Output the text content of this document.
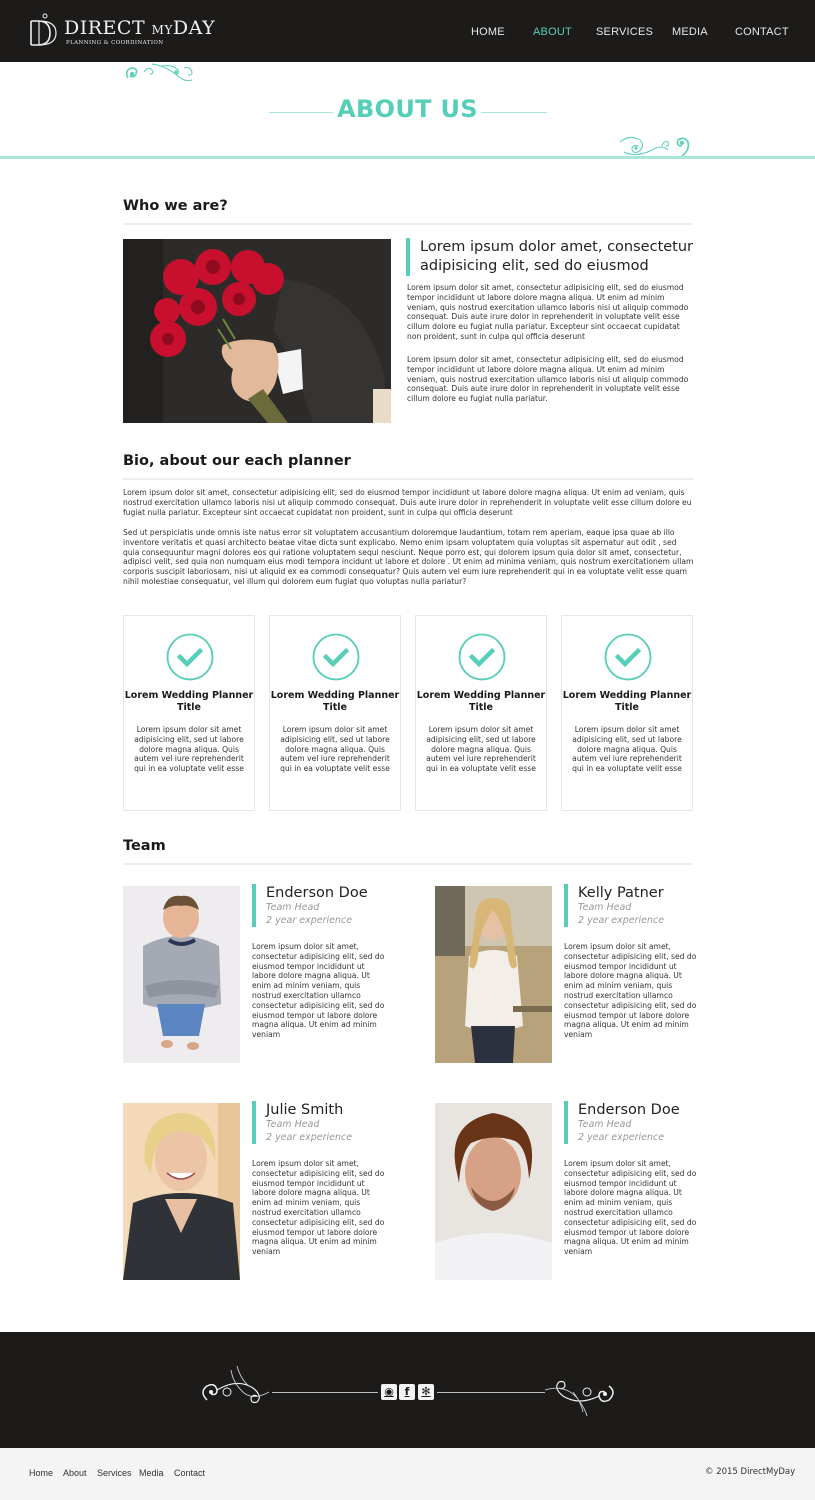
DIRECT MYDAY
PLANNING & COORDINATION
HOME	ABOUT SERVICES MEDIA CONTACT
ABOUT US
Who we are?
Lorem ipsum dolor amet, consectetur adipisicing elit, sed do eiusmod

Lorem ipsum dolor sit amet, consectetur adipisicing elit, sed do eiusmod tempor incididunt ut labore dolore magna aliqua. Ut enim ad minim veniam, quis nostrud exercitation ullamco laboris nisi ut aliquip commodo consequat. Duis aute irure dolor in reprehenderit in voluptate velit esse cillum dolore eu fugiat nulla pariatur. Excepteur sint occaecat cupidatat non proident, sunt in culpa qui officia deserunt

Lorem ipsum dolor sit amet, consectetur adipisicing elit, sed do eiusmod tempor incididunt ut labore dolore magna aliqua. Ut enim ad minim veniam, quis nostrud exercitation ullamco laboris nisi ut aliquip commodo consequat. Duis aute irure dolor in reprehenderit in voluptate velit esse cillum dolore eu fugiat nulla pariatur.

Bio, about our each planner

Lorem ipsum dolor sit amet, consectetur adipisicing elit, sed do eiusmod tempor incididunt ut labore dolore magna aliqua. Ut enim ad veniam, quis nostrud exercitation ullamco laboris nisi ut aliquip commodo consequat. Duis aute irure dolor in reprehenderit in voluptate velit esse cillum dolore eu fugiat nulla pariatur. Excepteur sint occaecat cupidatat non proident, sunt in culpa qui officia deserunt

Sed ut perspiciatis unde omnis iste natus error sit voluptatem accusantium doloremque laudantium, totam rem aperiam, eaque ipsa quae ab illo inventore veritatis et quasi architecto beatae vitae dicta sunt explicabo. Nemo enim ipsam voluptatem quia voluptas sit aspernatur aut odit , sed quia consequuntur magni dolores eos qui ratione voluptatem sequi nesciunt. Neque porro est, qui dolorem ipsum quia dolor sit amet, consectetur, adipisci velit, sed quia non numquam eius modi tempora incidunt ut labore et dolore . Ut enim ad minima veniam, quis nostrum exercitationem ullam corporis suscipit laboriosam, nisi ut aliquid ex ea commodi consequatur? Quis autem vel eum iure reprehenderit qui in ea voluptate velit esse quam nihil molestiae consequatur, vel illum qui dolorem eum fugiat quo voluptas nulla pariatur?

Lorem Wedding Planner Title
Lorem ipsum dolor sit amet adipisicing elit, sed ut labore dolore magna aliqua. Quis autem vel iure reprehenderit qui in ea voluptate velit esse
Lorem Wedding Planner Title
Lorem ipsum dolor sit amet adipisicing elit, sed ut labore dolore magna aliqua. Quis autem vel iure reprehenderit qui in ea voluptate velit esse
Lorem Wedding Planner Title
Lorem ipsum dolor sit amet adipisicing elit, sed ut labore dolore magna aliqua. Quis autem vel iure reprehenderit qui in ea voluptate velit esse
Lorem Wedding Planner Title
Lorem ipsum dolor sit amet adipisicing elit, sed ut labore dolore magna aliqua. Quis autem vel iure reprehenderit qui in ea voluptate velit esse
Team
Enderson Doe
Team Head
2 year experience

Lorem ipsum dolor sit amet, consectetur adipisicing elit, sed do eiusmod tempor incididunt ut labore dolore magna aliqua. Ut enim ad minim veniam, quis nostrud exercitation ullamco consectetur adipisicing elit, sed do eiusmod tempor ut labore dolore magna aliqua. Ut enim ad minim veniam

Kelly Patner
Team Head
2 year experience

Lorem ipsum dolor sit amet, consectetur adipisicing elit, sed do eiusmod tempor incididunt ut labore dolore magna aliqua. Ut enim ad minim veniam, quis nostrud exercitation ullamco consectetur adipisicing elit, sed do eiusmod tempor ut labore dolore magna aliqua. Ut enim ad minim veniam

Julie Smith
Team Head
2 year experience

Lorem ipsum dolor sit amet, consectetur adipisicing elit, sed do eiusmod tempor incididunt ut labore dolore magna aliqua. Ut enim ad minim veniam, quis nostrud exercitation ullamco consectetur adipisicing elit, sed do eiusmod tempor ut labore dolore magna aliqua. Ut enim ad minim veniam

Enderson Doe
Team Head
2 year experience

Lorem ipsum dolor sit amet, consectetur adipisicing elit, sed do eiusmod tempor incididunt ut labore dolore magna aliqua. Ut enim ad minim veniam, quis nostrud exercitation ullamco consectetur adipisicing elit, sed do eiusmod tempor ut labore dolore magna aliqua. Ut enim ad minim veniam

◉ f	✻
Home About Services Media Contact	© 2015 DirectMyDay
